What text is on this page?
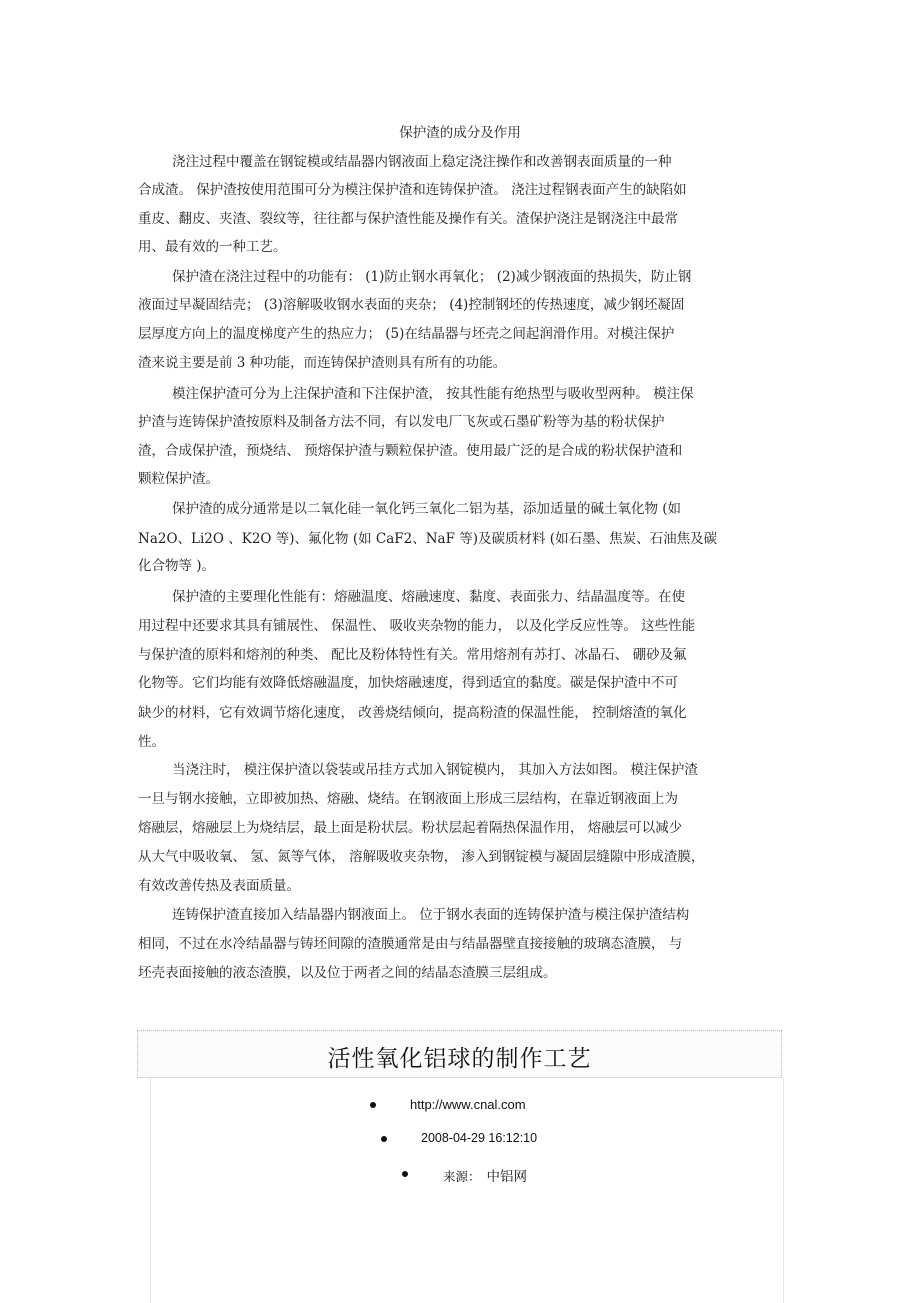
保护渣的成分及作用
浇注过程中覆盖在钢锭模或结晶器内钢液面上稳定浇注操作和改善钢表面质量的一种
合成渣。 保护渣按使用范围可分为模注保护渣和连铸保护渣。 浇注过程钢表面产生的缺陷如
重皮、翻皮、夹渣、裂纹等，往往都与保护渣性能及操作有关。渣保护浇注是钢浇注中最常
用、最有效的一种工艺。
保护渣在浇注过程中的功能有： (1)防止钢水再氧化； (2)减少钢液面的热损失，防止钢
液面过早凝固结壳； (3)溶解吸收钢水表面的夹杂； (4)控制钢坯的传热速度，减少钢坯凝固
层厚度方向上的温度梯度产生的热应力； (5)在结晶器与坯壳之间起润滑作用。对模注保护
渣来说主要是前 3 种功能，而连铸保护渣则具有所有的功能。
模注保护渣可分为上注保护渣和下注保护渣， 按其性能有绝热型与吸收型两种。 模注保
护渣与连铸保护渣按原料及制备方法不同，有以发电厂飞灰或石墨矿粉等为基的粉状保护
渣，合成保护渣，预烧结、 预熔保护渣与颗粒保护渣。使用最广泛的是合成的粉状保护渣和
颗粒保护渣。
保护渣的成分通常是以二氧化硅一氧化钙三氧化二铝为基，添加适量的碱土氧化物 (如
Na2O、Li2O 、K2O 等)、氟化物 (如 CaF2、NaF 等)及碳质材料 (如石墨、焦炭、石油焦及碳
化合物等 )。
保护渣的主要理化性能有：熔融温度、熔融速度、黏度、表面张力、结晶温度等。在使
用过程中还要求其具有铺展性、 保温性、 吸收夹杂物的能力， 以及化学反应性等。 这些性能
与保护渣的原料和熔剂的种类、 配比及粉体特性有关。常用熔剂有苏打、冰晶石、 硼砂及氟
化物等。它们均能有效降低熔融温度，加快熔融速度，得到适宜的黏度。碳是保护渣中不可
缺少的材料，它有效调节熔化速度， 改善烧结倾向，提高粉渣的保温性能， 控制熔渣的氧化
性。
当浇注时， 模注保护渣以袋装或吊挂方式加入钢锭模内， 其加入方法如图。 模注保护渣
一旦与钢水接触，立即被加热、熔融、烧结。在钢液面上形成三层结构，在靠近钢液面上为
熔融层，熔融层上为烧结层，最上面是粉状层。粉状层起着隔热保温作用， 熔融层可以减少
从大气中吸收氧、 氢、氮等气体， 溶解吸收夹杂物， 渗入到钢锭模与凝固层缝隙中形成渣膜，
有效改善传热及表面质量。
连铸保护渣直接加入结晶器内钢液面上。 位于钢水表面的连铸保护渣与模注保护渣结构
相同，不过在水冷结晶器与铸坯间隙的渣膜通常是由与结晶器壁直接接触的玻璃态渣膜， 与
坯壳表面接触的液态渣膜，以及位于两者之间的结晶态渣膜三层组成。
活性氧化铝球的制作工艺
http://www.cnal.com
2008-04-29 16:12:10
来源： 中铝网
